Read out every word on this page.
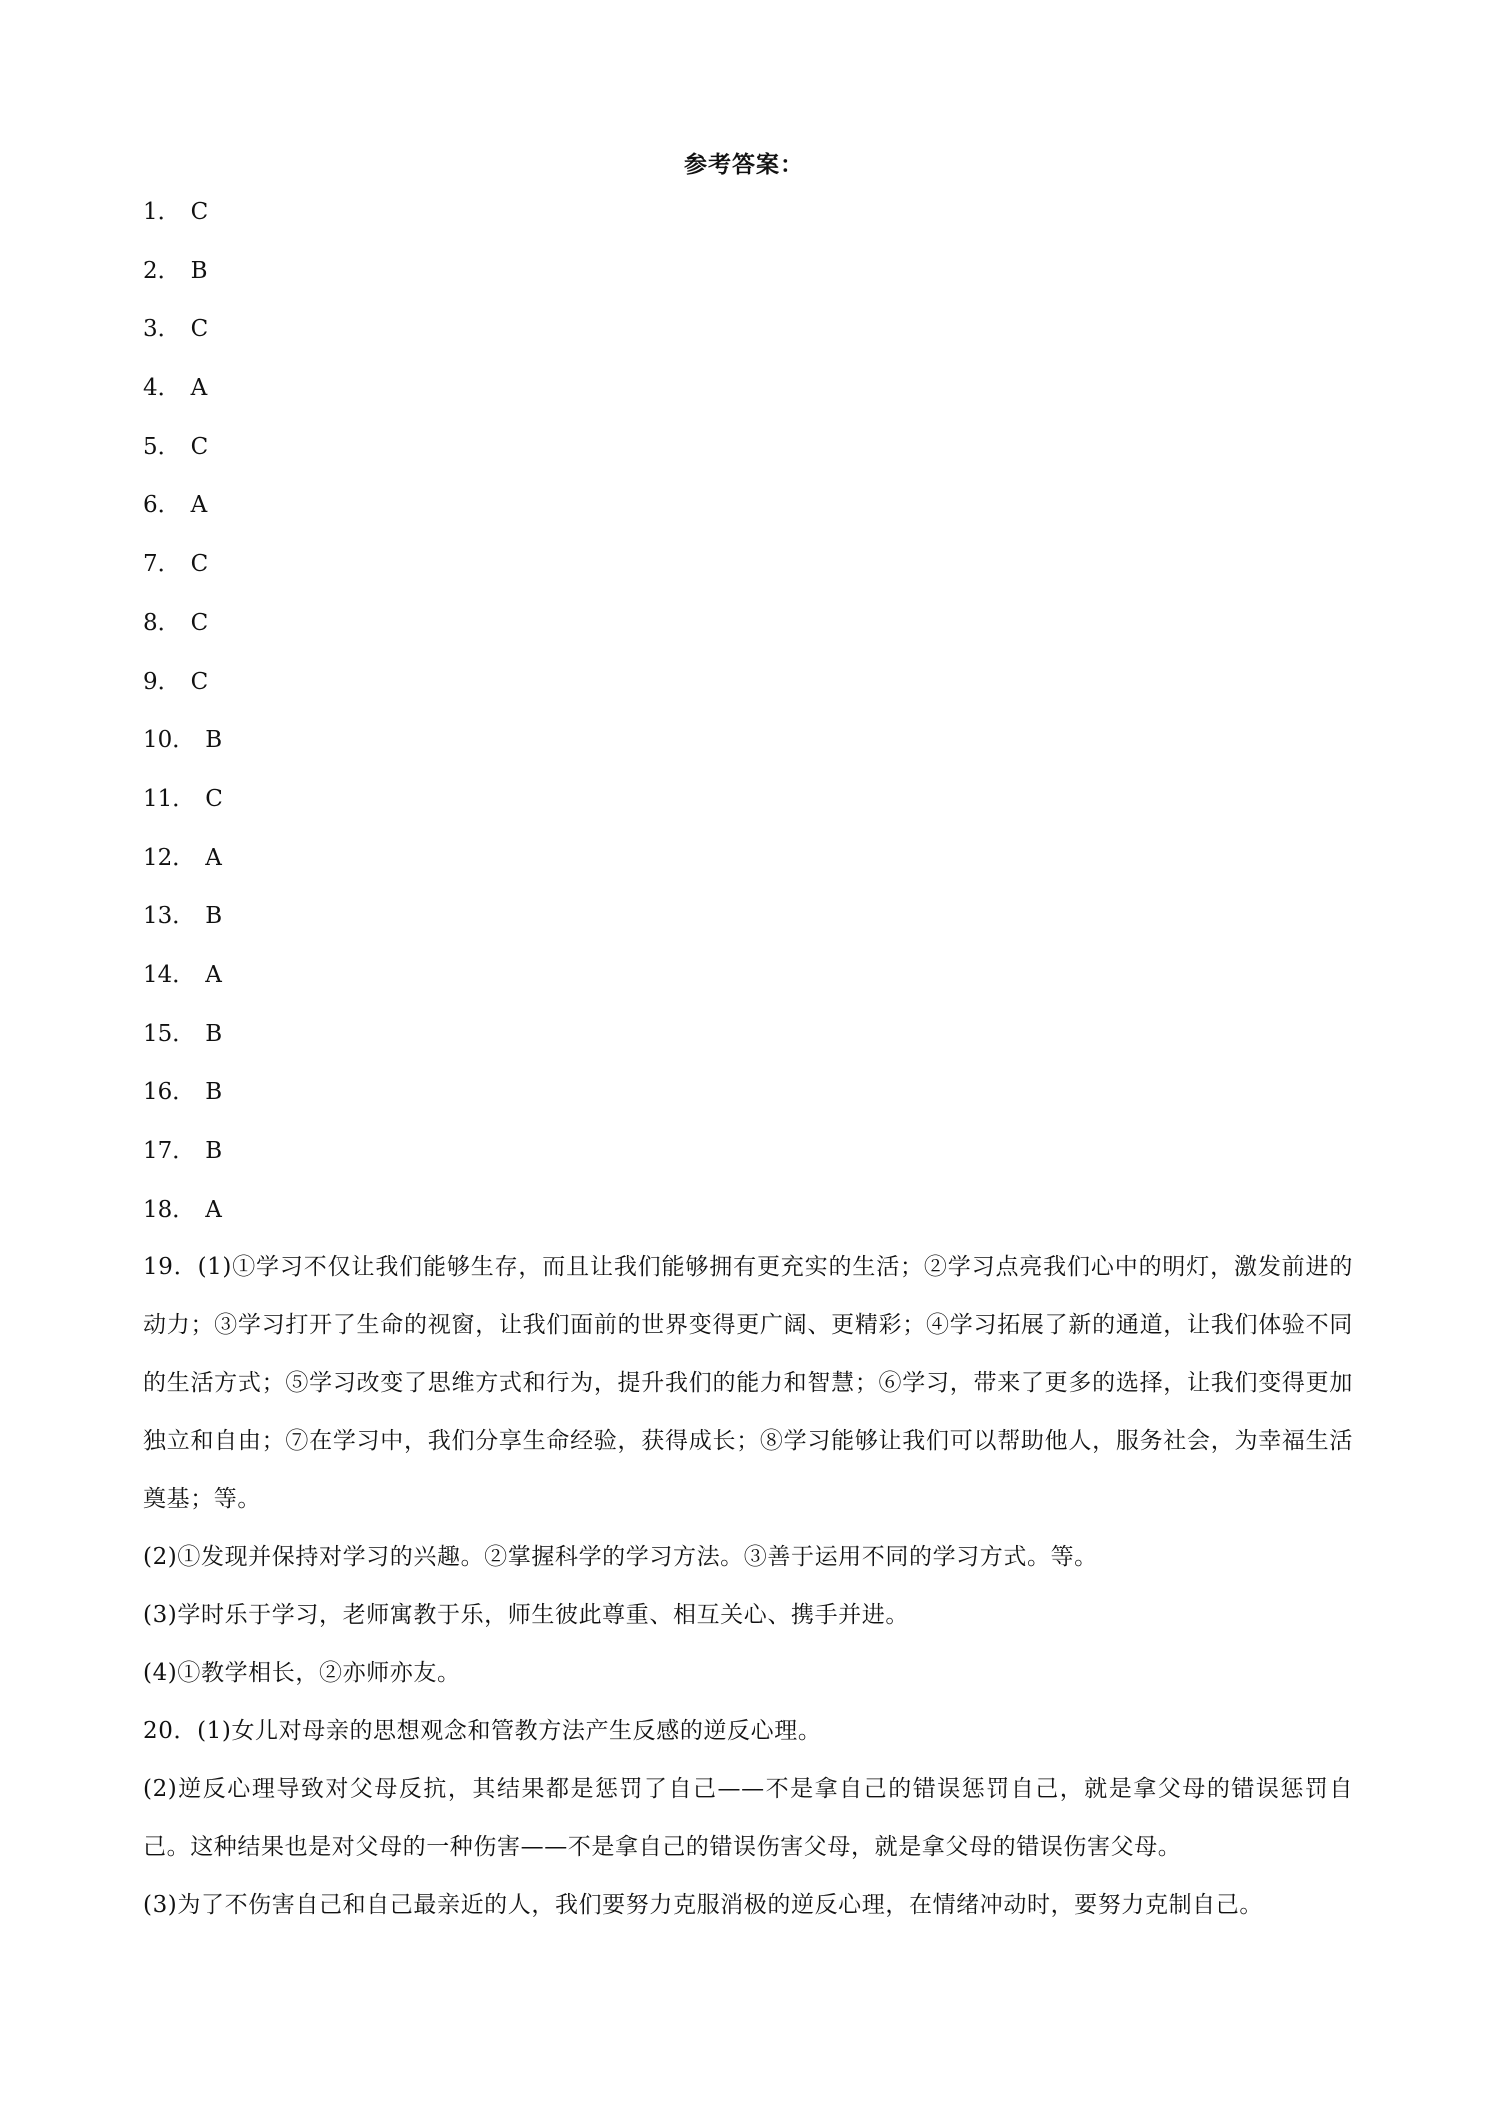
参考答案：
1． C
2． B
3． C
4． A
5． C
6． A
7． C
8． C
9． C
10． B
11． C
12． A
13． B
14． A
15． B
16． B
17． B
18． A

19．(1)①学习不仅让我们能够生存，而且让我们能够拥有更充实的生活；②学习点亮我们心中的明灯，激发前进的动力；③学习打开了生命的视窗，让我们面前的世界变得更广阔、更精彩；④学习拓展了新的通道，让我们体验不同的生活方式；⑤学习改变了思维方式和行为，提升我们的能力和智慧；⑥学习，带来了更多的选择，让我们变得更加独立和自由；⑦在学习中，我们分享生命经验，获得成长；⑧学习能够让我们可以帮助他人，服务社会，为幸福生活奠基；等。

(2)①发现并保持对学习的兴趣。②掌握科学的学习方法。③善于运用不同的学习方式。等。

(3)学时乐于学习，老师寓教于乐，师生彼此尊重、相互关心、携手并进。

(4)①教学相长，②亦师亦友。

20．(1)女儿对母亲的思想观念和管教方法产生反感的逆反心理。

(2)逆反心理导致对父母反抗，其结果都是惩罚了自己——不是拿自己的错误惩罚自己，就是拿父母的错误惩罚自己。这种结果也是对父母的一种伤害——不是拿自己的错误伤害父母，就是拿父母的错误伤害父母。

(3)为了不伤害自己和自己最亲近的人，我们要努力克服消极的逆反心理，在情绪冲动时，要努力克制自己。
